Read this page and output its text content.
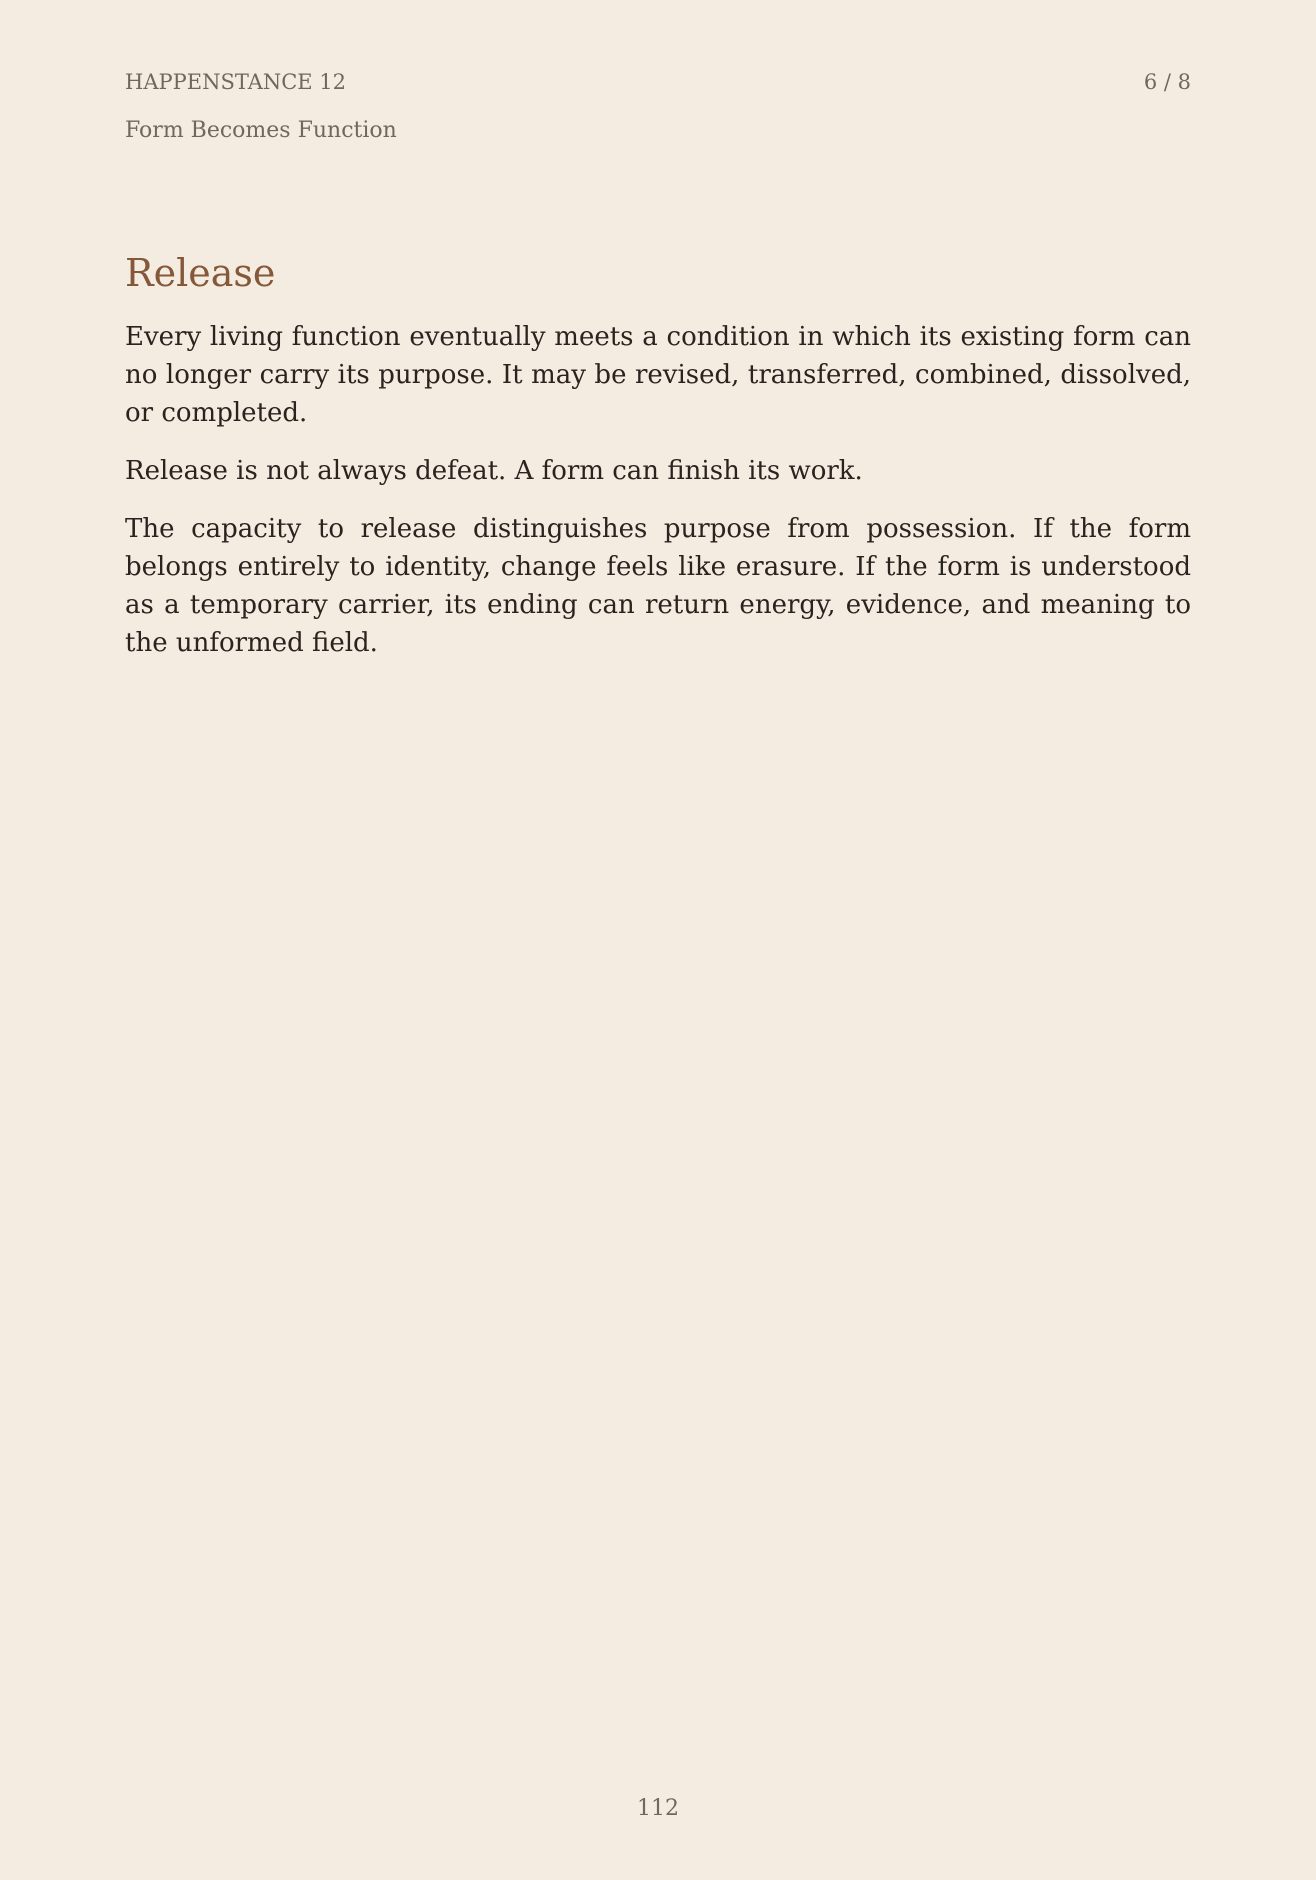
HAPPENSTANCE 12	6 / 8
Form Becomes Function
Release

Every living function eventually meets a condition in which its existing form can no longer carry its purpose. It may be revised, transferred, combined, dissolved, or completed.

Release is not always defeat. A form can finish its work.

The capacity to release distinguishes purpose from possession. If the form belongs entirely to identity, change feels like erasure. If the form is understood as a temporary carrier, its ending can return energy, evidence, and meaning to the unformed field.

112
